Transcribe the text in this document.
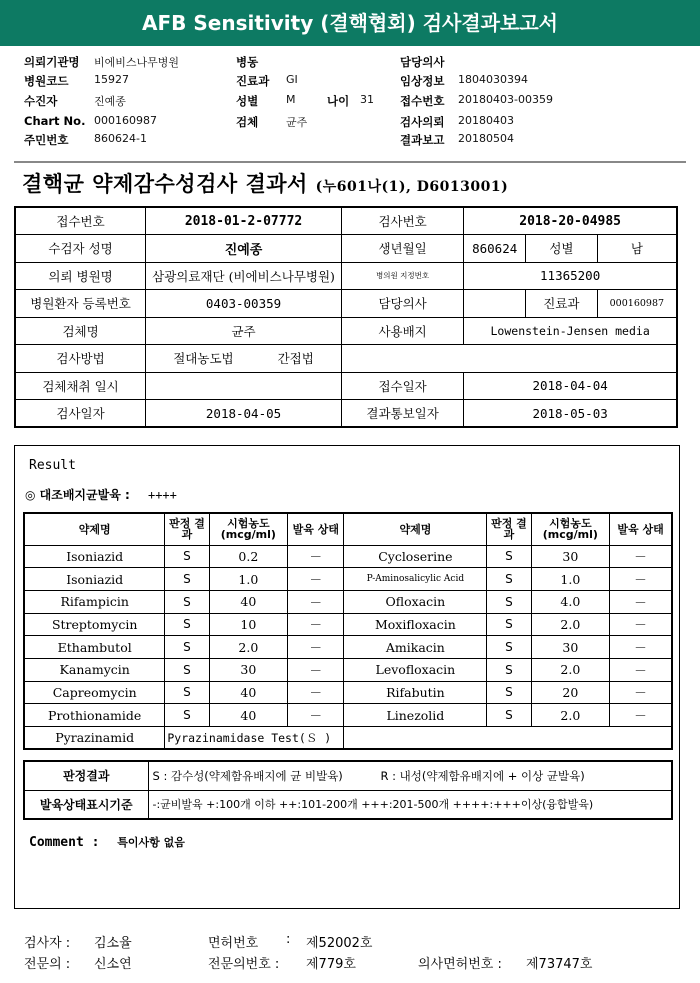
AFB Sensitivity (결핵협회) 검사결과보고서
의뢰기관명 비에비스나무병원	병동	담당의사
병원코드 15927	진료과 GI	임상정보 1804030394
수진자	진예종	성별	M	나이 31 접수번호 20180403-00359
Chart No. 000160987	검체	균주	검사의뢰 20180403
주민번호 860624-1	결과보고 20180504
결핵균 약제감수성검사 결과서 (누601나(1), D6013001)
접수번호	2018-01-2-07772	검사번호	2018-20-04985		
수검자 성명	진예종	생년월일	860624	성별	남
의뢰 병원명	삼광의료재단 (비에비스나무병원)	병의원 지정번호	11365200		
병원환자 등록번호	0403-00359	담당의사		진료과	000160987
검체명	균주	사용배지	Lowenstein-Jensen media		
검사방법	절대농도법 간접법				
검체채취 일시		접수일자	2018-04-04		
검사일자	2018-04-05	결과통보일자	2018-05-03		
Result
◎ 대조배지균발육 : ++++
약제명	판정 결과	시험농도 (mcg/ml)	발육 상태	약제명	판정 결과	시험농도 (mcg/ml)	발육 상태
Isoniazid	S	0.2	－	Cycloserine	S	30	－
Isoniazid	S	1.0	－	P-Aminosalicylic Acid	S	1.0	－
Rifampicin	S	40	－	Ofloxacin	S	4.0	－
Streptomycin	S	10	－	Moxifloxacin	S	2.0	－
Ethambutol	S	2.0	－	Amikacin	S	30	－
Kanamycin	S	30	－	Levofloxacin	S	2.0	－
Capreomycin	S	40	－	Rifabutin	S	20	－
Prothionamide	S	40	－	Linezolid	S	2.0	－
Pyrazinamid	Pyrazinamidase Test(Ｓ )						
판정결과	S : 감수성(약제함유배지에 균 비발육) R : 내성(약제함유배지에 + 이상 균발육)
발육상태표시기준	-:균비발육 +:100개 이하 ++:101-200개 +++:201-500개 ++++:+++이상(융합발육)
Comment : 특이사항 없음
검사자 : 김소율	면허번호 : 제52002호
전문의 : 신소연	전문의번호 : 제779호	의사면허번호 : 제73747호
